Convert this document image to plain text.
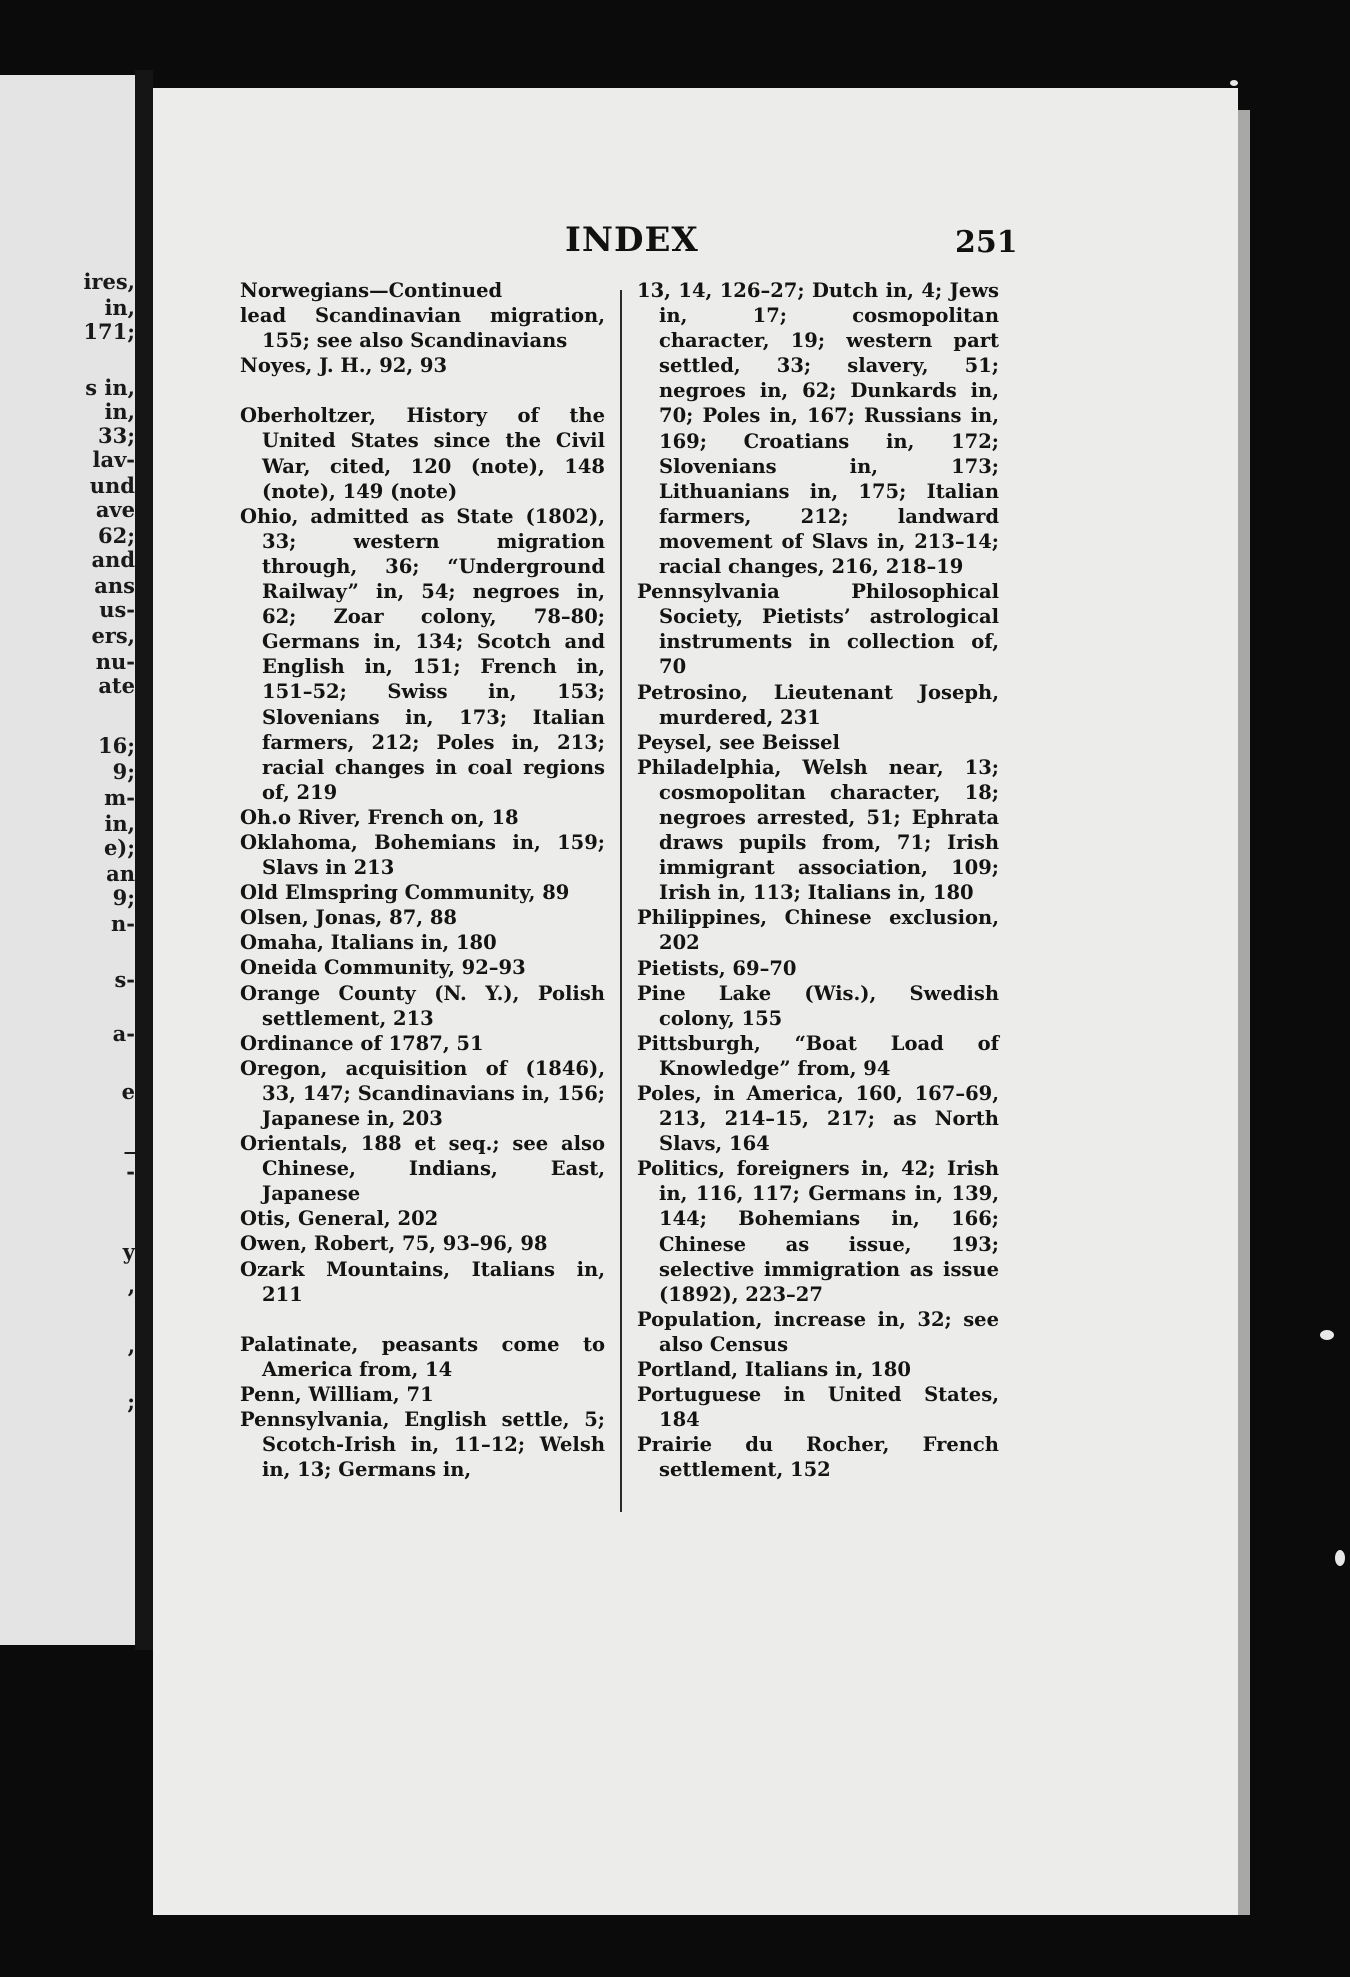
ires,
in,
171;
s in,
in,
33;
lav-
und
ave
62;
and
ans
us-
ers,
nu-
ate
16;
9;
m-
in,
e);
an
9;
n-
s-
a-
e
_
-
y
,
,
;
INDEX	251

Norwegians—Continued

lead Scandinavian migration, 155; see also Scandinavians

Noyes, J. H., 92, 93

Oberholtzer, History of the United States since the Civil War, cited, 120 (note), 148 (note), 149 (note)

Ohio, admitted as State (1802), 33; western migration through, 36; “Underground Railway” in, 54; negroes in, 62; Zoar colony, 78–80; Germans in, 134; Scotch and English in, 151; French in, 151–52; Swiss in, 153; Slovenians in, 173; Italian farmers, 212; Poles in, 213; racial changes in coal regions of, 219

Oh.o River, French on, 18

Oklahoma, Bohemians in, 159; Slavs in 213

Old Elmspring Community, 89

Olsen, Jonas, 87, 88

Omaha, Italians in, 180

Oneida Community, 92–93

Orange County (N. Y.), Polish settlement, 213

Ordinance of 1787, 51

Oregon, acquisition of (1846), 33, 147; Scandinavians in, 156; Japanese in, 203

Orientals, 188 et seq.; see also Chinese, Indians, East, Japanese

Otis, General, 202

Owen, Robert, 75, 93–96, 98

Ozark Mountains, Italians in, 211

Palatinate, peasants come to America from, 14

Penn, William, 71

Pennsylvania, English settle, 5; Scotch-Irish in, 11–12; Welsh in, 13; Germans in,

13, 14, 126–27; Dutch in, 4; Jews in, 17; cosmopolitan character, 19; western part settled, 33; slavery, 51; negroes in, 62; Dunkards in, 70; Poles in, 167; Russians in, 169; Croatians in, 172; Slovenians in, 173; Lithuanians in, 175; Italian farmers, 212; landward movement of Slavs in, 213–14; racial changes, 216, 218–19

Pennsylvania Philosophical Society, Pietists’ astrological instruments in collection of, 70

Petrosino, Lieutenant Joseph, murdered, 231

Peysel, see Beissel

Philadelphia, Welsh near, 13; cosmopolitan character, 18; negroes arrested, 51; Ephrata draws pupils from, 71; Irish immigrant association, 109; Irish in, 113; Italians in, 180

Philippines, Chinese exclusion, 202

Pietists, 69–70

Pine Lake (Wis.), Swedish colony, 155

Pittsburgh, “Boat Load of Knowledge” from, 94

Poles, in America, 160, 167–69, 213, 214–15, 217; as North Slavs, 164

Politics, foreigners in, 42; Irish in, 116, 117; Germans in, 139, 144; Bohemians in, 166; Chinese as issue, 193; selective immigration as issue (1892), 223–27

Population, increase in, 32; see also Census

Portland, Italians in, 180

Portuguese in United States, 184

Prairie du Rocher, French settlement, 152
